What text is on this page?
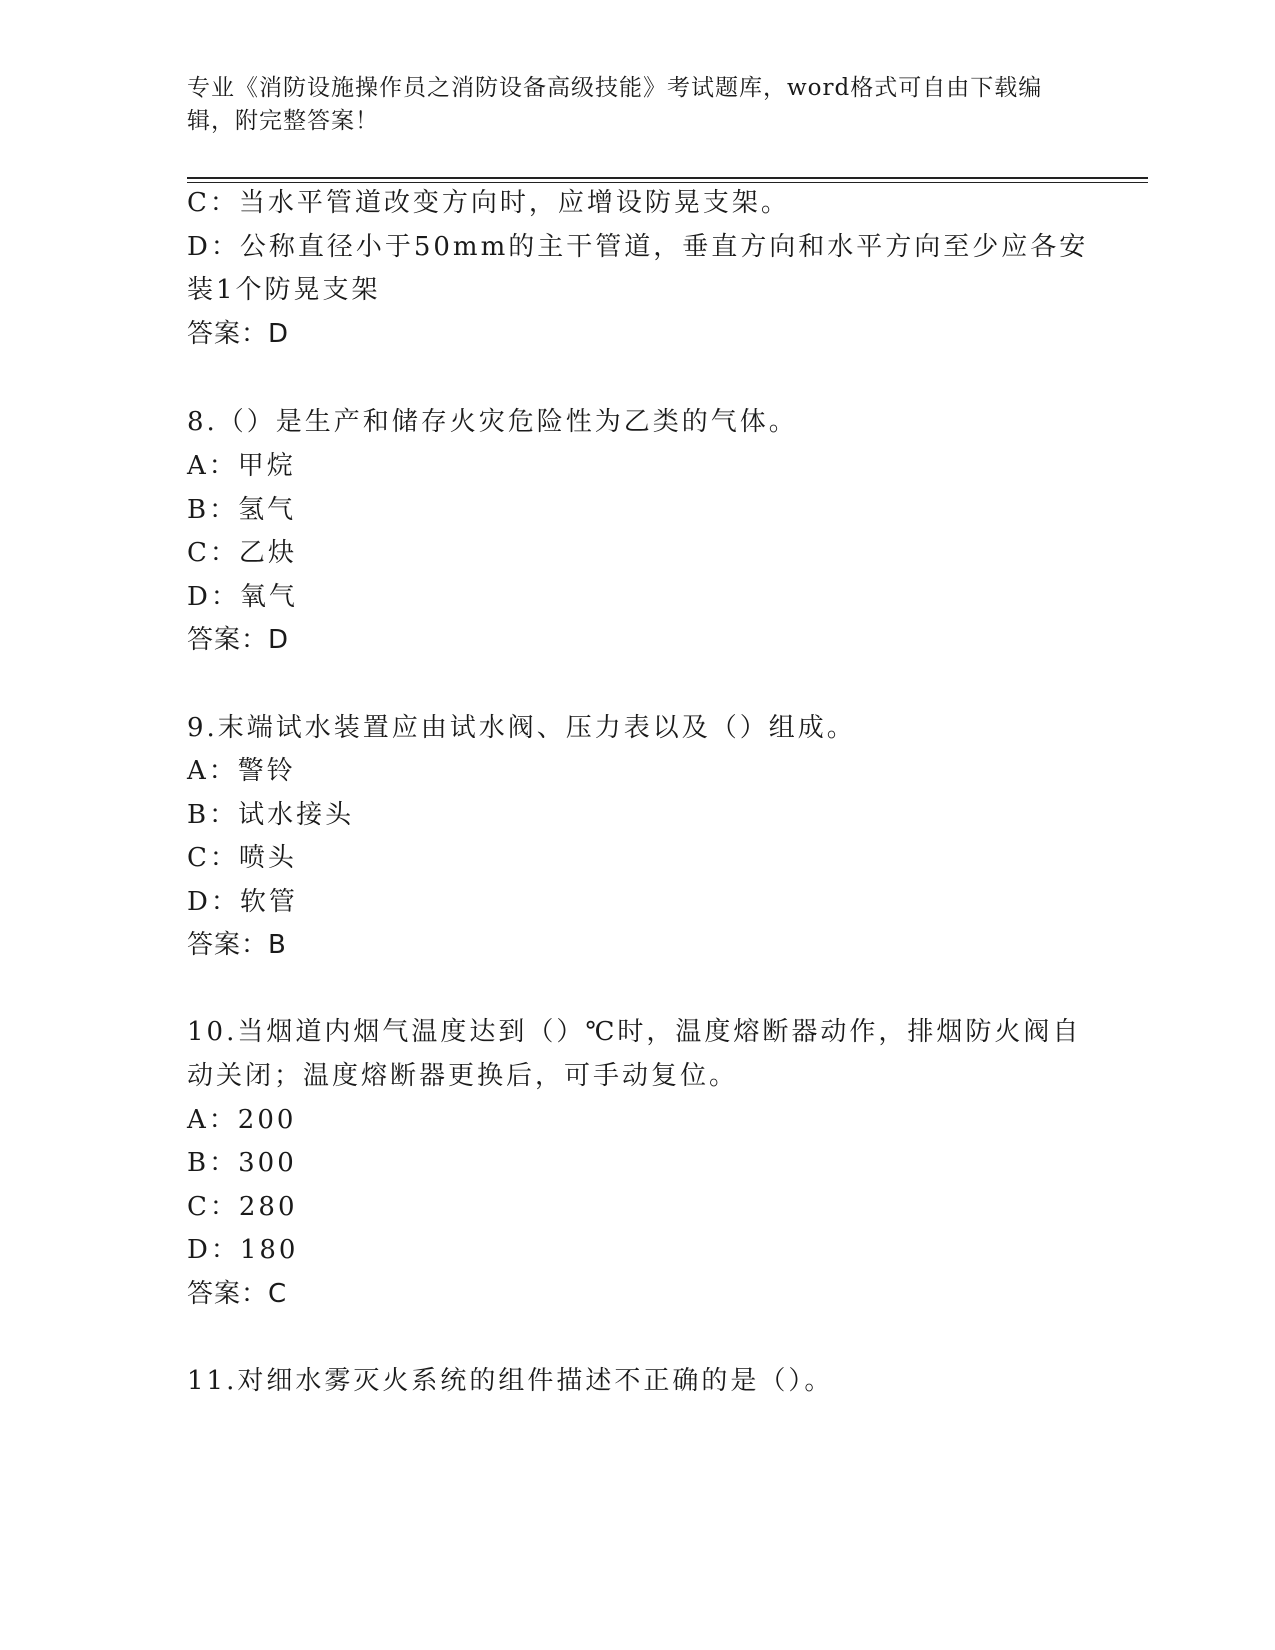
专业《消防设施操作员之消防设备高级技能》考试题库，word格式可自由下载编
辑，附完整答案！
C：当水平管道改变方向时，应增设防晃支架。
D：公称直径小于50mm的主干管道，垂直方向和水平方向至少应各安
装1个防晃支架
答案：D
8.（）是生产和储存火灾危险性为乙类的气体。
A：甲烷
B：氢气
C：乙炔
D：氧气
答案：D
9.末端试水装置应由试水阀、压力表以及（）组成。
A：警铃
B：试水接头
C：喷头
D：软管
答案：B
10.当烟道内烟气温度达到（）℃时，温度熔断器动作，排烟防火阀自
动关闭；温度熔断器更换后，可手动复位。
A：200
B：300
C：280
D：180
答案：C
11.对细水雾灭火系统的组件描述不正确的是（）。
